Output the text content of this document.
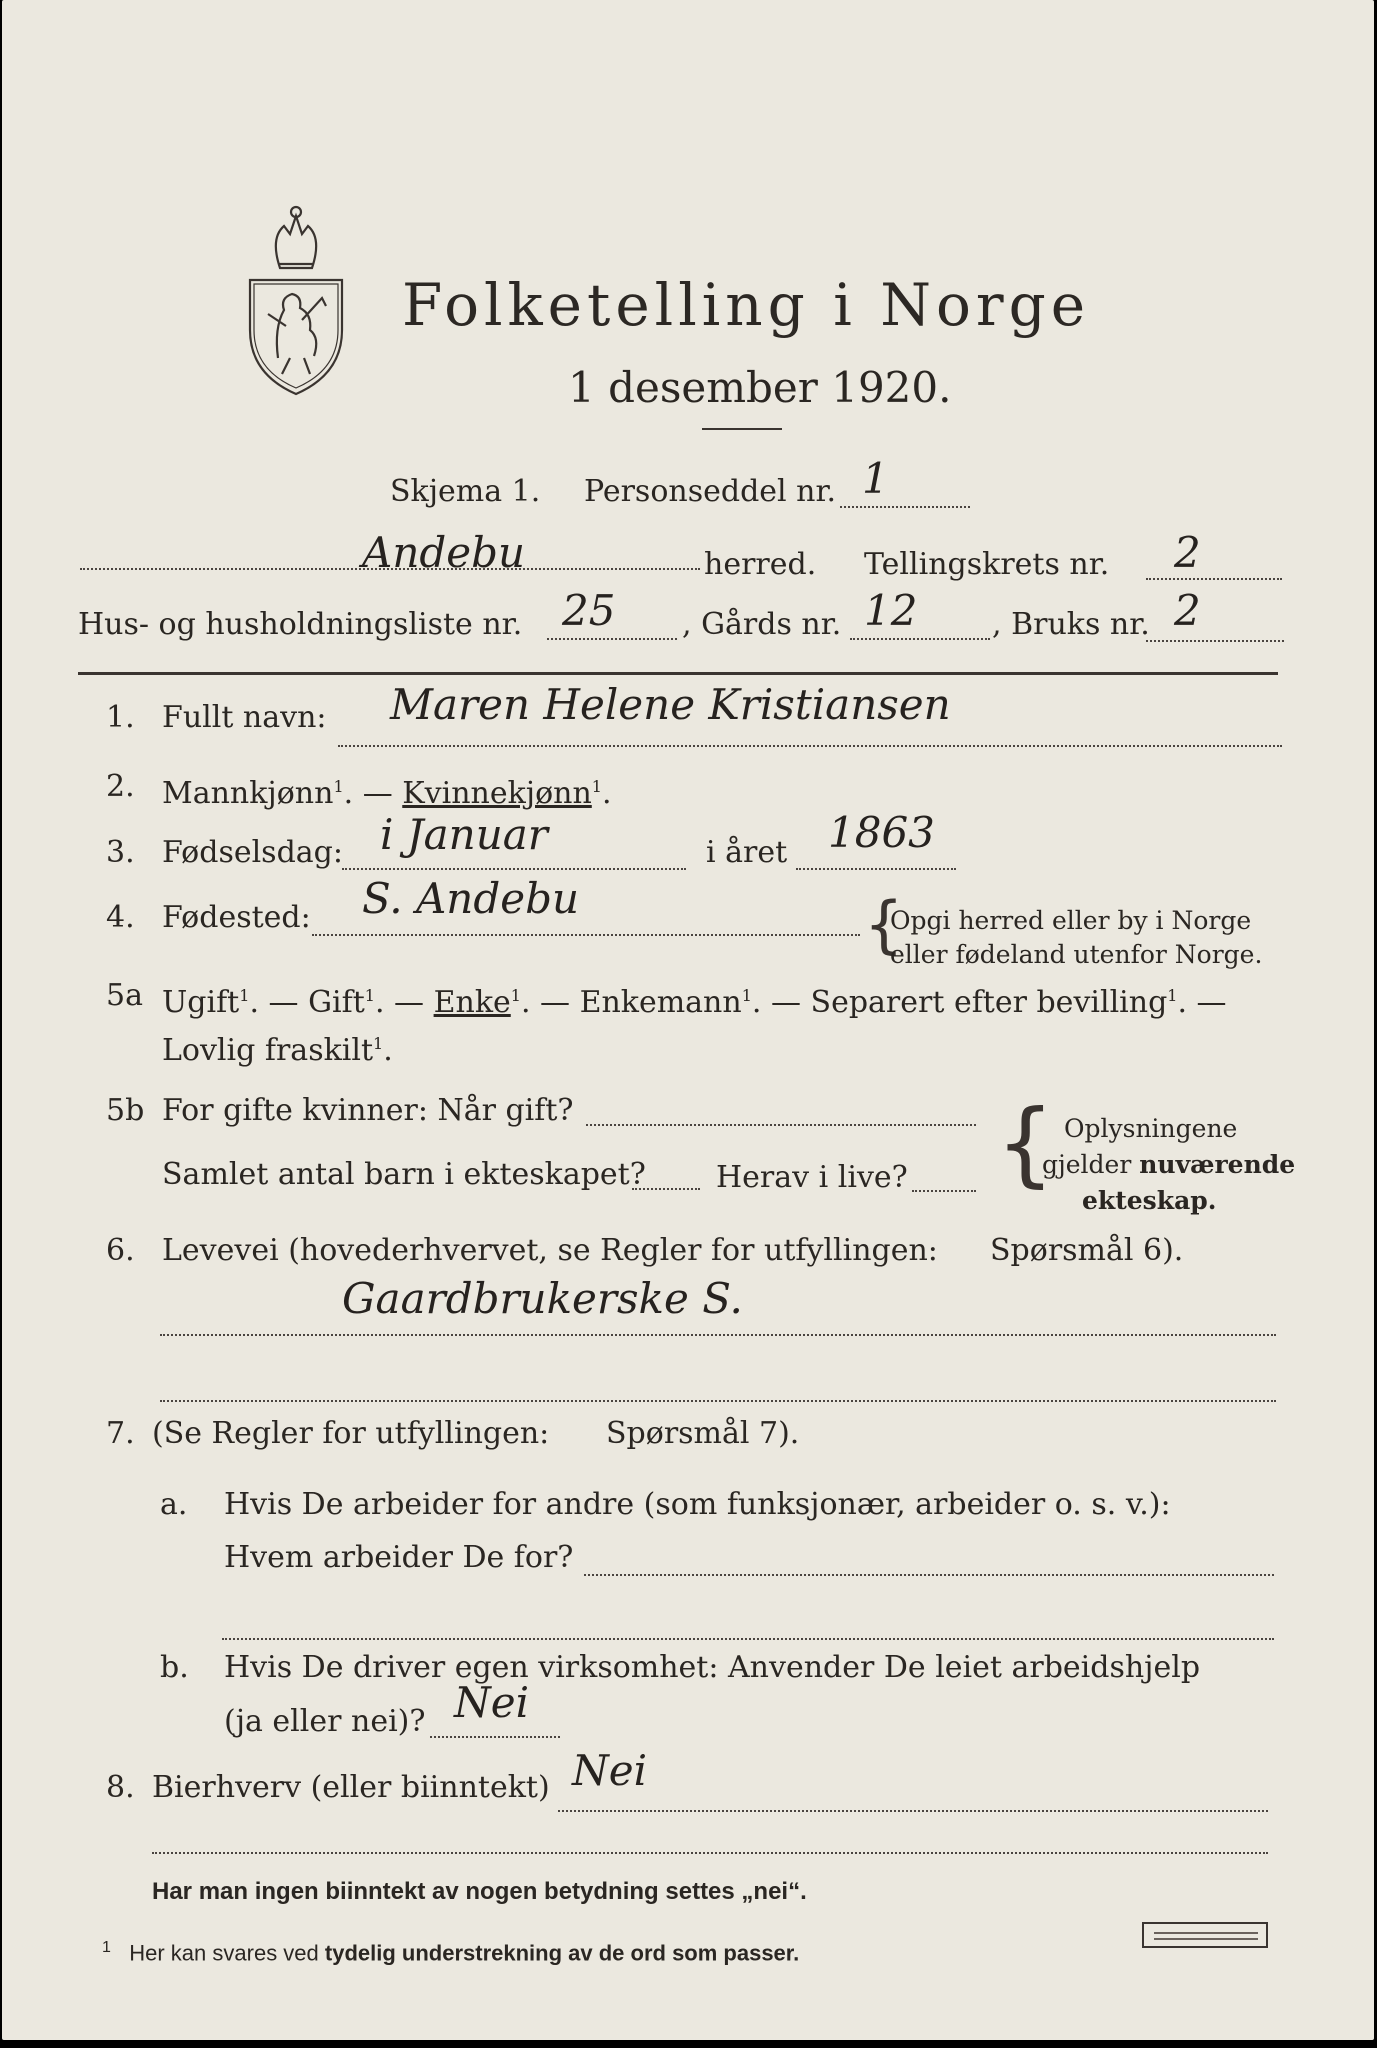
Folketelling i Norge
1 desember 1920.
Skjema 1. Personseddel nr. 1
Andebu	herred. Tellingskrets nr. 2
Hus- og husholdningsliste nr. 25 , Gårds nr. 12 , Bruks nr. 2
1. Fullt navn: Maren Helene Kristiansen
2. Mannkjønn$^1$. — Kvinnekjønn$^1$.
3. Fødselsdag: i Januar	i året 1863
4. Fødested: S. Andebu	{
Opgi herred eller by i Norge
eller fødeland utenfor Norge.
5a Ugift$^1$. — Gift$^1$. — Enke$^1$. — Enkemann$^1$. — Separert efter bevilling$^1$. —
Lovlig fraskilt$^1$.
5b For gifte kvinner: Når gift?
Samlet antal barn i ekteskapet? Herav i live? { Oplysningene
gjelder nuværende
ekteskap.
6. Levevei (hovederhvervet, se Regler for utfyllingen: Spørsmål 6).
Gaardbrukerske S.
7. (Se Regler for utfyllingen: Spørsmål 7).
a. Hvis De arbeider for andre (som funksjonær, arbeider o. s. v.):
Hvem arbeider De for?
b. Hvis De driver egen virksomhet: Anvender De leiet arbeidshjelp
(ja eller nei)? Nei
8. Bierhverv (eller biinntekt) Nei
Har man ingen biinntekt av nogen betydning settes „nei“.
$^1$ Her kan svares ved tydelig understrekning av de ord som passer.
